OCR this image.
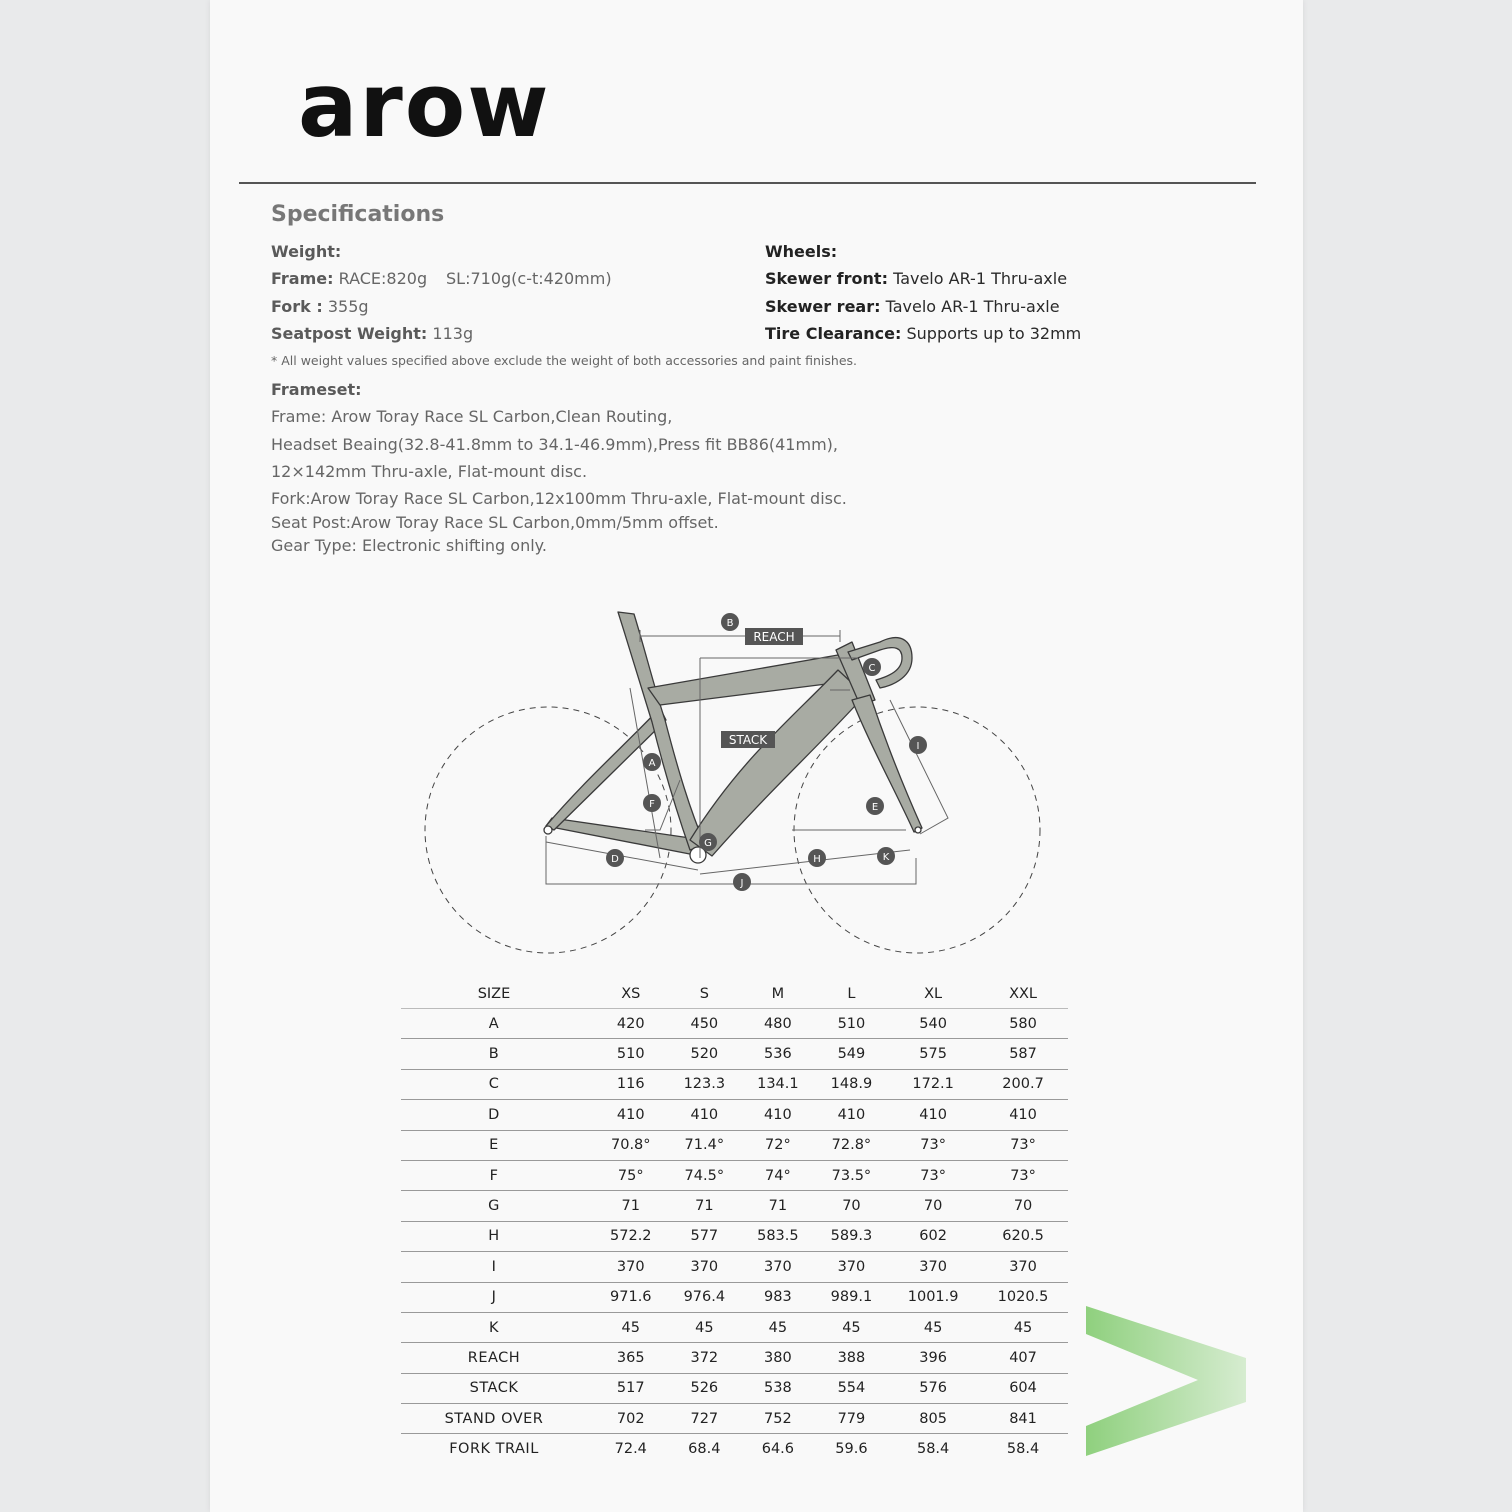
arow
Specifications
Weight:
Frame: RACE:820g SL:710g(c-t:420mm)
Fork : 355g
Seatpost Weight: 113g
* All weight values specified above exclude the weight of both accessories and paint finishes.
Wheels:
Skewer front: Tavelo AR-1 Thru-axle
Skewer rear: Tavelo AR-1 Thru-axle
Tire Clearance: Supports up to 32mm
Frameset:
Frame: Arow Toray Race SL Carbon,Clean Routing,
Headset Beaing(32.8-41.8mm to 34.1-46.9mm),Press fit BB86(41mm),
12×142mm Thru-axle, Flat-mount disc.
Fork:Arow Toray Race SL Carbon,12x100mm Thru-axle, Flat-mount disc.
Seat Post:Arow Toray Race SL Carbon,0mm/5mm offset.
Gear Type: Electronic shifting only.
A
B
C
D
E
F
G
H
I
J
K
REACH
STACK
SIZE		XS	S	M	L	XL	XXL
A		420	450	480	510	540	580
B		510	520	536	549	575	587
C		116	123.3	134.1	148.9	172.1	200.7
D		410	410	410	410	410	410
E		70.8°	71.4°	72°	72.8°	73°	73°
F		75°	74.5°	74°	73.5°	73°	73°
G		71	71	71	70	70	70
H		572.2	577	583.5	589.3	602	620.5
I		370	370	370	370	370	370
J		971.6	976.4	983	989.1	1001.9	1020.5
K		45	45	45	45	45	45
REACH		365	372	380	388	396	407
STACK		517	526	538	554	576	604
STAND OVER		702	727	752	779	805	841
FORK TRAIL		72.4	68.4	64.6	59.6	58.4	58.4
